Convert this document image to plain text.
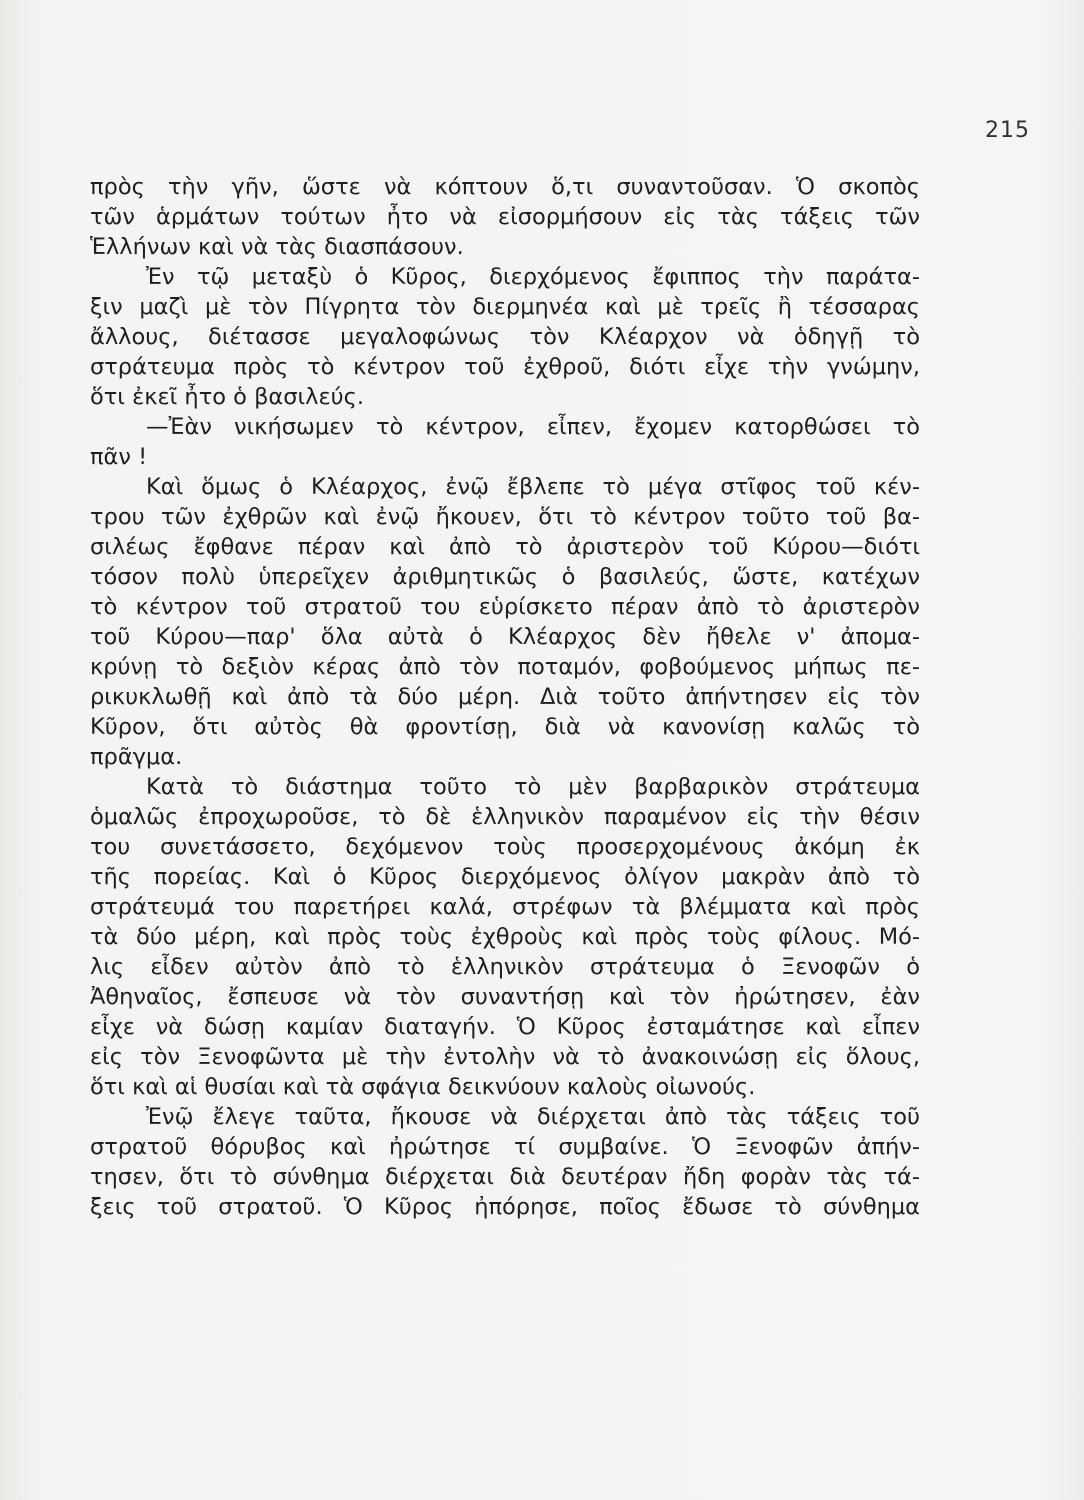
215
πρὸς τὴν γῆν, ὥστε νὰ κόπτουν ὅ,τι συναντοῦσαν. Ὁ σκοπὸς
τῶν ἁρμάτων τούτων ἦτο νὰ εἰσορμήσουν εἰς τὰς τάξεις τῶν
Ἑλλήνων καὶ νὰ τὰς διασπάσουν.
Ἐν τῷ μεταξὺ ὁ Κῦρος, διερχόμενος ἔφιππος τὴν παράτα-
ξιν μαζὶ μὲ τὸν Πίγρητα τὸν διερμηνέα καὶ μὲ τρεῖς ἢ τέσσαρας
ἄλλους, διέτασσε μεγαλοφώνως τὸν Κλέαρχον νὰ ὁδηγῇ τὸ
στράτευμα πρὸς τὸ κέντρον τοῦ ἐχθροῦ, διότι εἶχε τὴν γνώμην,
ὅτι ἐκεῖ ἦτο ὁ βασιλεύς.
—Ἐὰν νικήσωμεν τὸ κέντρον, εἶπεν, ἔχομεν κατορθώσει τὸ
πᾶν !
Καὶ ὅμως ὁ Κλέαρχος, ἐνῷ ἔβλεπε τὸ μέγα στῖφος τοῦ κέν-
τρου τῶν ἐχθρῶν καὶ ἐνῷ ἤκουεν, ὅτι τὸ κέντρον τοῦτο τοῦ βα-
σιλέως ἔφθανε πέραν καὶ ἀπὸ τὸ ἀριστερὸν τοῦ Κύρου—διότι
τόσον πολὺ ὑπερεῖχεν ἀριθμητικῶς ὁ βασιλεύς, ὥστε, κατέχων
τὸ κέντρον τοῦ στρατοῦ του εὑρίσκετο πέραν ἀπὸ τὸ ἀριστερὸν
τοῦ Κύρου—παρ' ὅλα αὐτὰ ὁ Κλέαρχος δὲν ἤθελε ν' ἀπομα-
κρύνῃ τὸ δεξιὸν κέρας ἀπὸ τὸν ποταμόν, φοβούμενος μήπως πε-
ρικυκλωθῇ καὶ ἀπὸ τὰ δύο μέρη. Διὰ τοῦτο ἀπήντησεν εἰς τὸν
Κῦρον, ὅτι αὐτὸς θὰ φροντίσῃ, διὰ νὰ κανονίσῃ καλῶς τὸ
πρᾶγμα.
Κατὰ τὸ διάστημα τοῦτο τὸ μὲν βαρβαρικὸν στράτευμα
ὁμαλῶς ἐπροχωροῦσε, τὸ δὲ ἑλληνικὸν παραμένον εἰς τὴν θέσιν
του συνετάσσετο, δεχόμενον τοὺς προσερχομένους ἀκόμη ἐκ
τῆς πορείας. Καὶ ὁ Κῦρος διερχόμενος ὀλίγον μακρὰν ἀπὸ τὸ
στράτευμά του παρετήρει καλά, στρέφων τὰ βλέμματα καὶ πρὸς
τὰ δύο μέρη, καὶ πρὸς τοὺς ἐχθροὺς καὶ πρὸς τοὺς φίλους. Μό-
λις εἶδεν αὐτὸν ἀπὸ τὸ ἑλληνικὸν στράτευμα ὁ Ξενοφῶν ὁ
Ἀθηναῖος, ἔσπευσε νὰ τὸν συναντήσῃ καὶ τὸν ἠρώτησεν, ἐὰν
εἶχε νὰ δώσῃ καμίαν διαταγήν. Ὁ Κῦρος ἐσταμάτησε καὶ εἶπεν
εἰς τὸν Ξενοφῶντα μὲ τὴν ἐντολὴν νὰ τὸ ἀνακοινώσῃ εἰς ὅλους,
ὅτι καὶ αἱ θυσίαι καὶ τὰ σφάγια δεικνύουν καλοὺς οἰωνούς.
Ἐνῷ ἔλεγε ταῦτα, ἤκουσε νὰ διέρχεται ἀπὸ τὰς τάξεις τοῦ
στρατοῦ θόρυβος καὶ ἠρώτησε τί συμβαίνε. Ὁ Ξενοφῶν ἀπήν-
τησεν, ὅτι τὸ σύνθημα διέρχεται διὰ δευτέραν ἤδη φορὰν τὰς τά-
ξεις τοῦ στρατοῦ. Ὁ Κῦρος ἠπόρησε, ποῖος ἔδωσε τὸ σύνθημα
